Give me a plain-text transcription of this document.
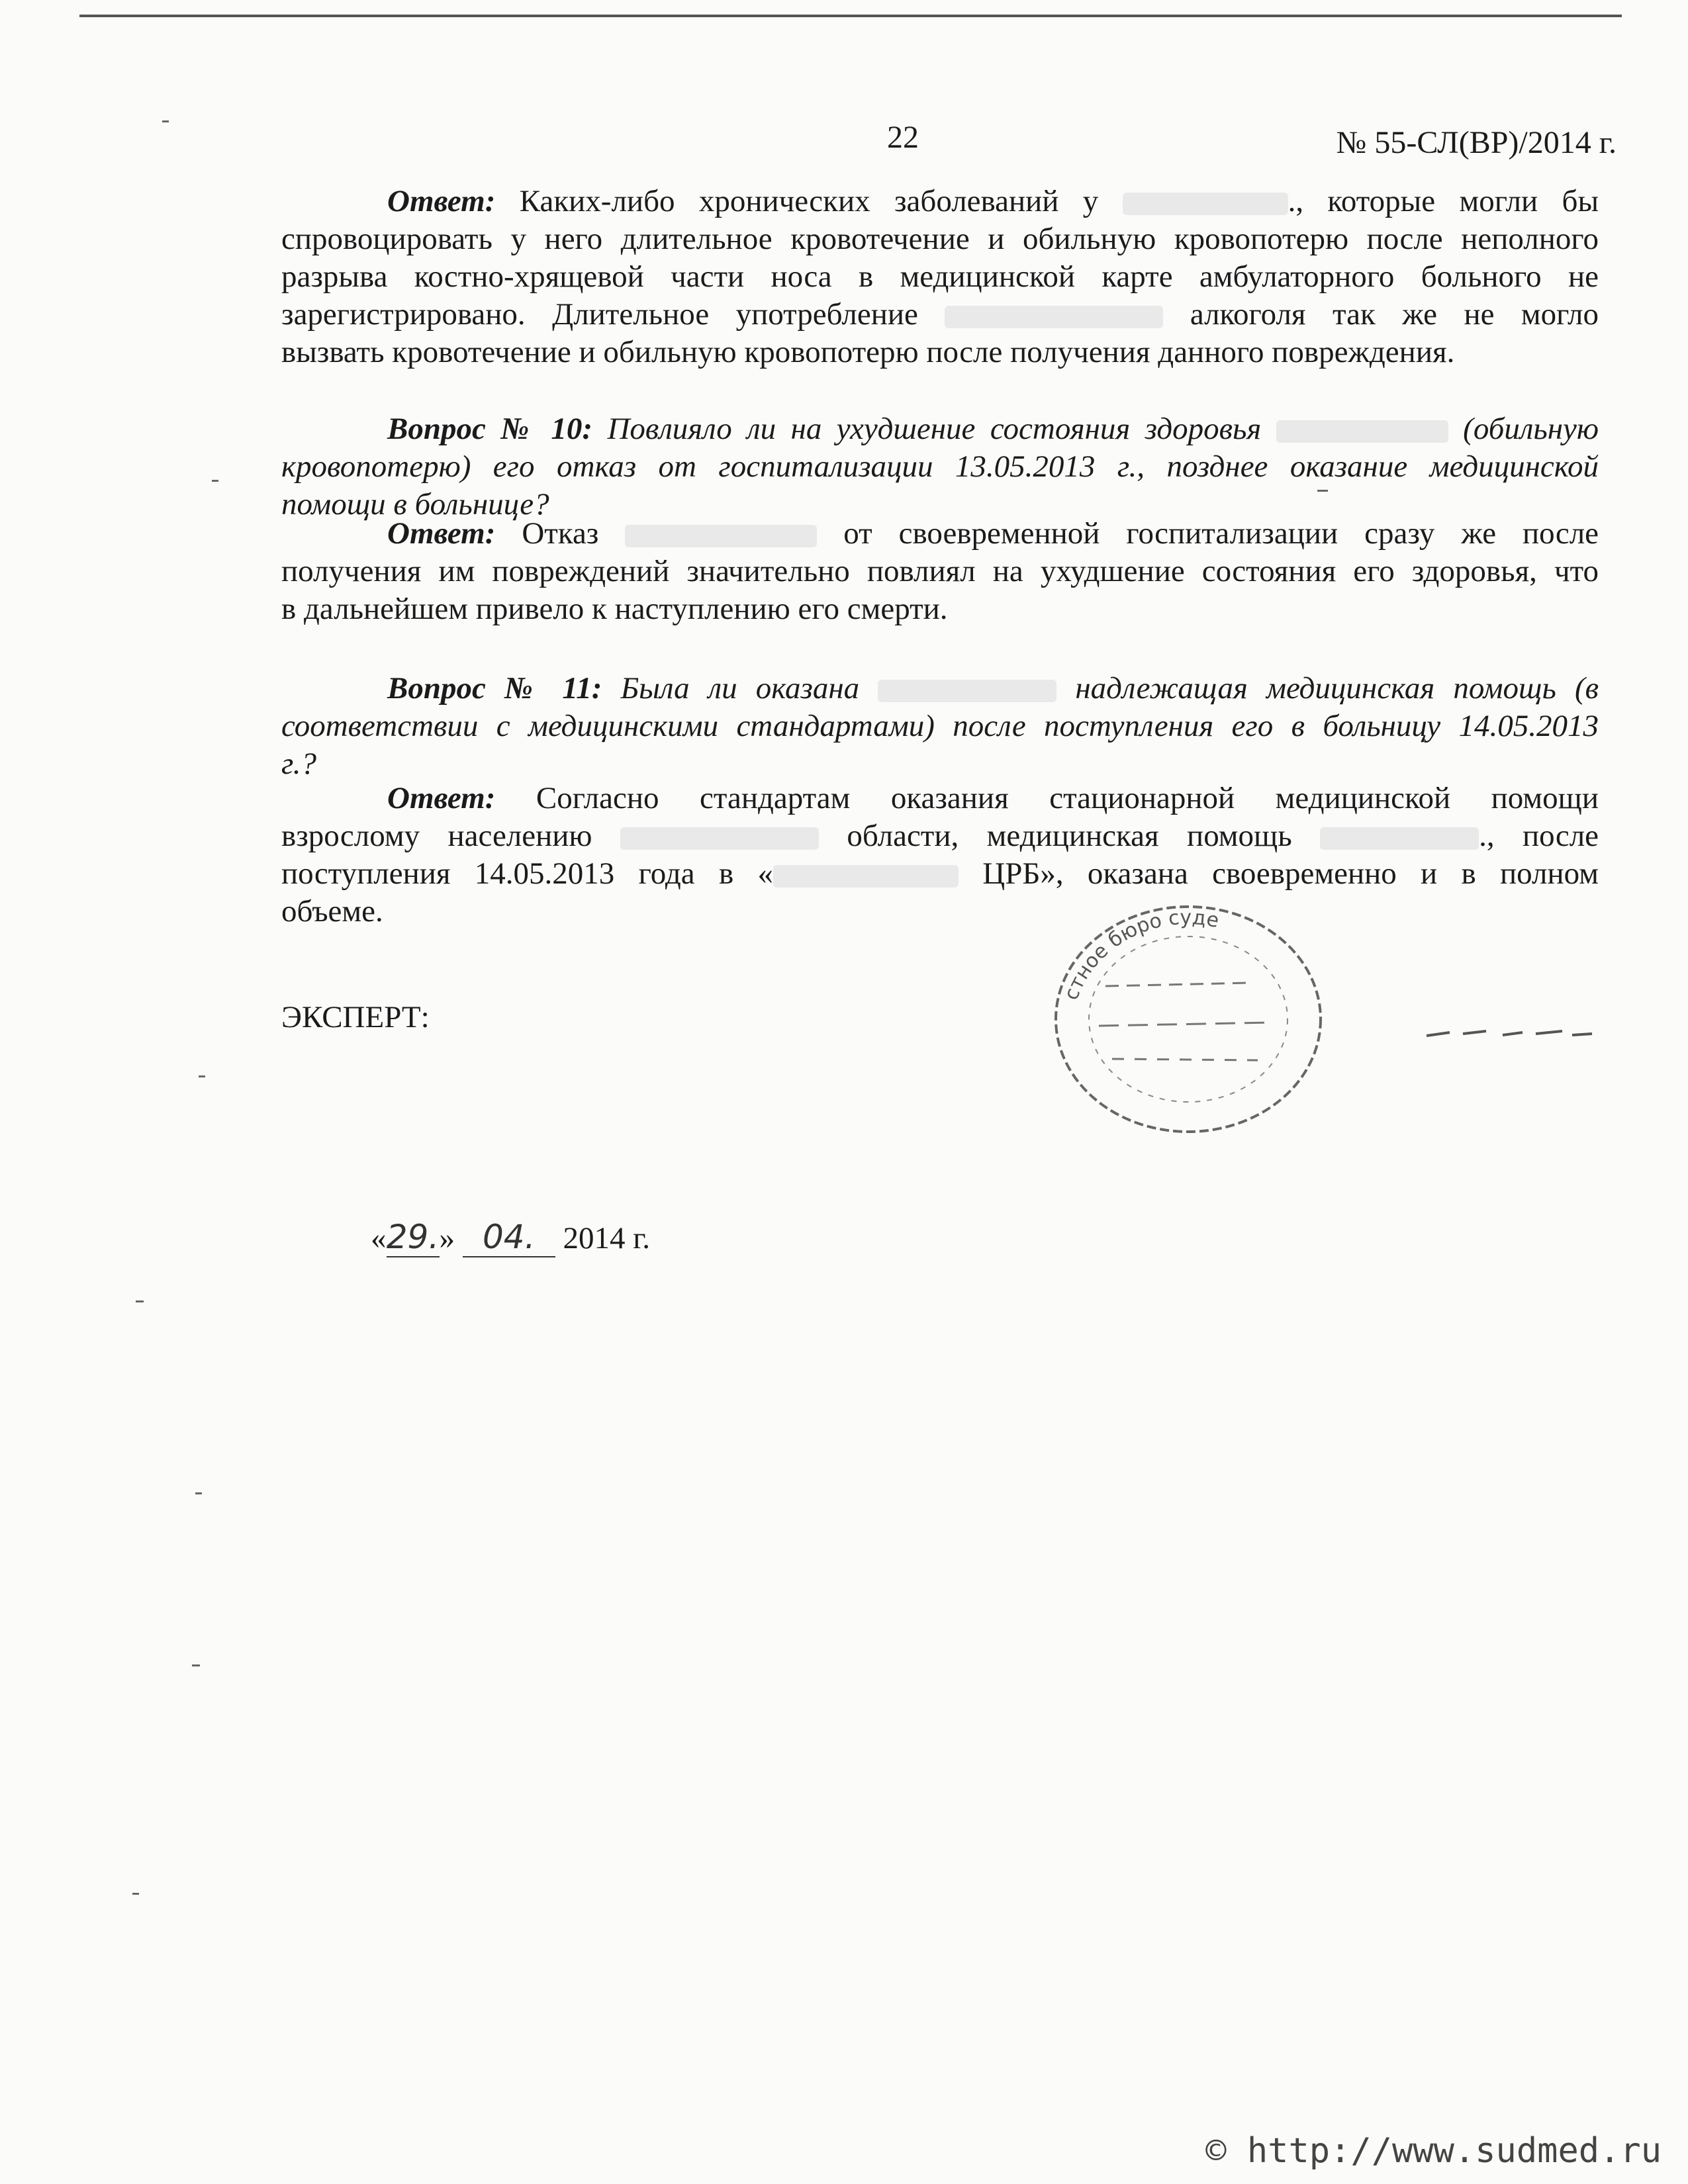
22	№ 55-СЛ(ВР)/2014 г.
Ответ: Каких-либо хронических заболеваний у	., которые могли бы
спровоцировать у него длительное кровотечение и обильную кровопотерю после неполного
разрыва костно-хрящевой части носа в медицинской карте амбулаторного больного не
зарегистрировано. Длительное употребление	алкоголя так же не могло
вызвать кровотечение и обильную кровопотерю после получения данного повреждения.
Вопрос № 10: Повлияло ли на ухудшение состояния здоровья	(обильную
кровопотерю) его отказ от госпитализации 13.05.2013 г., позднее оказание медицинской
помощи в больнице?
Ответ: Отказ	от своевременной госпитализации сразу же после
получения им повреждений значительно повлиял на ухудшение состояния его здоровья, что
в дальнейшем привело к наступлению его смерти.
Вопрос № 11: Была ли оказана	надлежащая медицинская помощь (в
соответствии с медицинскими стандартами) после поступления его в больницу 14.05.2013
г.?
Ответ: Согласно стандартам оказания стационарной медицинской помощи
взрослому населению	области, медицинская помощь	., после
поступления 14.05.2013 года в «	ЦРБ», оказана своевременно и в полном
объеме.
стное бюро суде
ЭКСПЕРТ:
«29.» 04. 2014 г.
© http://www.sudmed.ru
